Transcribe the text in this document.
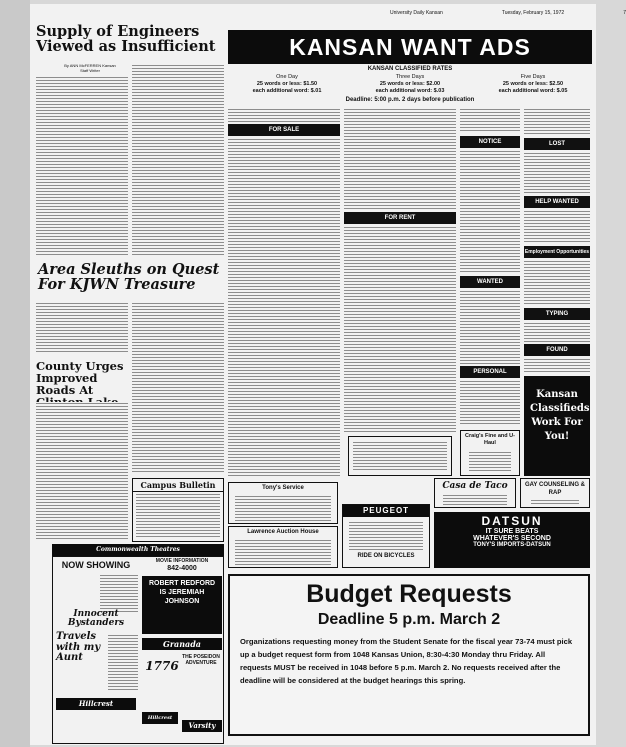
University Daily Kansan	Tuesday, February 15, 1972	7
Supply of Engineers Viewed as Insufficient
By ANN McFERREN Kansan Staff Writer
Area Sleuths on Quest For KJWN Treasure
County Urges Improved Roads At
Campus Bulletin
Commonwealth Theatres
NOW SHOWING
Innocent Bystanders
Travels with my Aunt
Hillcrest
MOVIE INFORMATION
842-4000
ROBERT REDFORD IS JEREMIAH JOHNSON
Granada
THE POSEIDON ADVENTURE
1776
Hillcrest
Varsity
KANSAN WANT ADS
KANSAN CLASSIFIED RATES
One Day
25 words or less: $1.50
each additional word: $.01
Three Days
25 words or less: $2.00
each additional word: $.03
Five Days
25 words or less: $2.50
each additional word: $.05
Deadline: 5:00 p.m. 2 days before publication
FOR SALE
FOR RENT
NOTICE
WANTED
PERSONAL
Craig's Fine and U-Haul
LOST
HELP WANTED
Employment Opportunities
TYPING
FOUND
Kansan Classifieds Work For You!
Tony's Service
Lawrence Auction House
PEUGEOT
RIDE ON BICYCLES
Casa de Taco	GAY COUNSELING & RAP
DATSUN
IT SURE BEATS
WHATEVER'S SECOND
TONY'S IMPORTS-DATSUN
Budget Requests
Deadline 5 p.m. March 2
Organizations requesting money from the Student Senate for the fiscal year 73-74 must pick up a budget request form from 1048 Kansas Union, 8:30-4:30 Monday thru Friday. All requests MUST be received in 1048 before 5 p.m. March 2. No requests received after the deadline will be considered at the budget hearings this spring.
